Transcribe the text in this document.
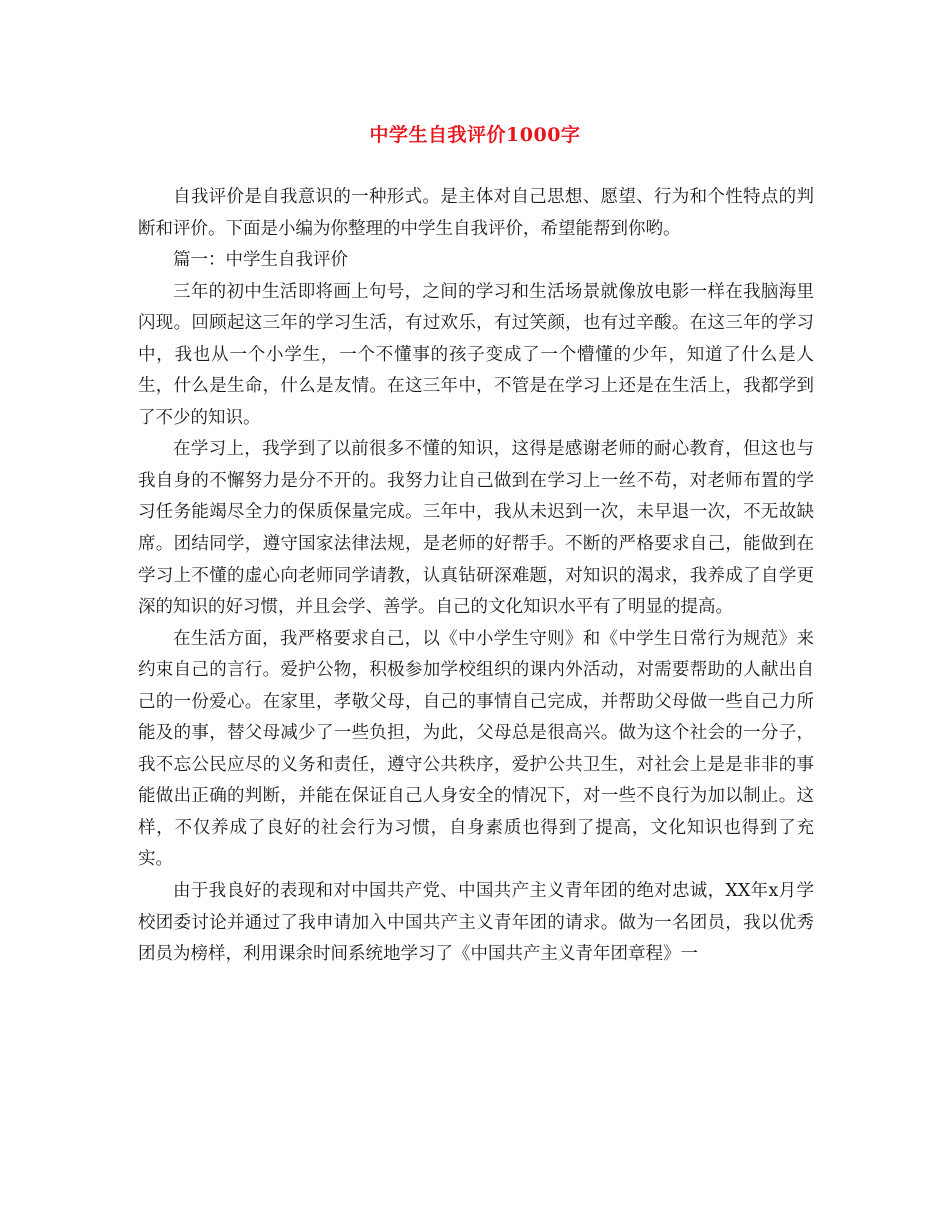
中学生自我评价1000字

自我评价是自我意识的一种形式。是主体对自己思想、愿望、行为和个性特点的判断和评价。下面是小编为你整理的中学生自我评价，希望能帮到你哟。

篇一：中学生自我评价

三年的初中生活即将画上句号，之间的学习和生活场景就像放电影一样在我脑海里闪现。回顾起这三年的学习生活，有过欢乐，有过笑颜，也有过辛酸。在这三年的学习中，我也从一个小学生，一个不懂事的孩子变成了一个懵懂的少年，知道了什么是人生，什么是生命，什么是友情。在这三年中，不管是在学习上还是在生活上，我都学到了不少的知识。

在学习上，我学到了以前很多不懂的知识，这得是感谢老师的耐心教育，但这也与我自身的不懈努力是分不开的。我努力让自己做到在学习上一丝不苟，对老师布置的学习任务能竭尽全力的保质保量完成。三年中，我从未迟到一次，未早退一次，不无故缺席。团结同学，遵守国家法律法规，是老师的好帮手。不断的严格要求自己，能做到在学习上不懂的虚心向老师同学请教，认真钻研深难题，对知识的渴求，我养成了自学更深的知识的好习惯，并且会学、善学。自己的文化知识水平有了明显的提高。

在生活方面，我严格要求自己，以《中小学生守则》和《中学生日常行为规范》来约束自己的言行。爱护公物，积极参加学校组织的课内外活动，对需要帮助的人献出自己的一份爱心。在家里，孝敬父母，自己的事情自己完成，并帮助父母做一些自己力所能及的事，替父母减少了一些负担，为此，父母总是很高兴。做为这个社会的一分子，我不忘公民应尽的义务和责任，遵守公共秩序，爱护公共卫生，对社会上是是非非的事能做出正确的判断，并能在保证自己人身安全的情况下，对一些不良行为加以制止。这样，不仅养成了良好的社会行为习惯，自身素质也得到了提高，文化知识也得到了充实。

由于我良好的表现和对中国共产党、中国共产主义青年团的绝对忠诚，XX年x月学校团委讨论并通过了我申请加入中国共产主义青年团的请求。做为一名团员，我以优秀团员为榜样，利用课余时间系统地学习了《中国共产主义青年团章程》一
